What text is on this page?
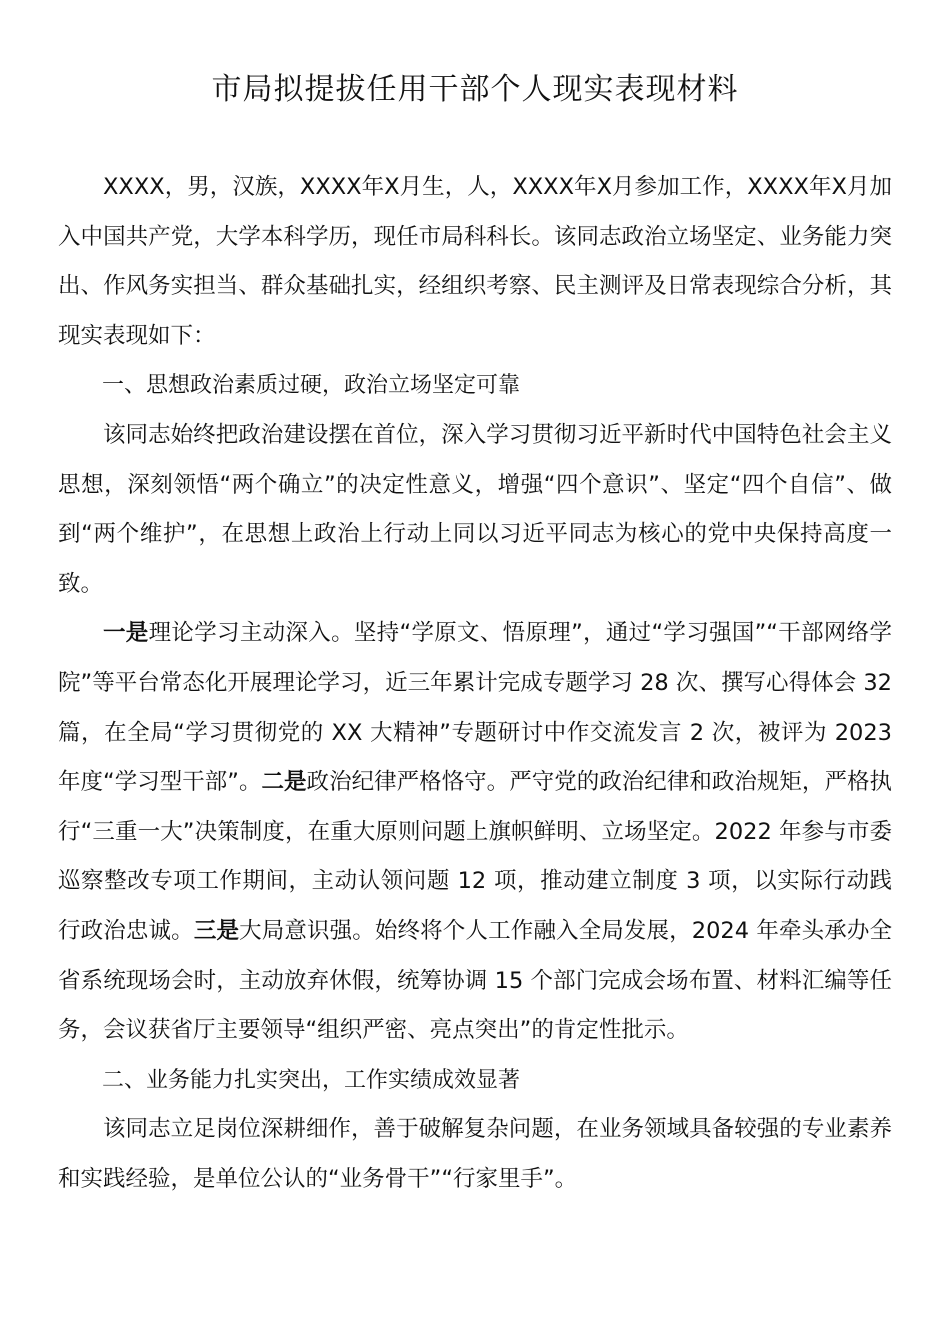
市局拟提拔任用干部个人现实表现材料

XXXX，男，汉族，XXXX年X月生，人，XXXX年X月参加工作，XXXX年X月加入中国共产党，大学本科学历，现任市局科科长。该同志政治立场坚定、业务能力突出、作风务实担当、群众基础扎实，经组织考察、民主测评及日常表现综合分析，其现实表现如下：

一、思想政治素质过硬，政治立场坚定可靠

该同志始终把政治建设摆在首位，深入学习贯彻习近平新时代中国特色社会主义思想，深刻领悟“两个确立”的决定性意义，增强“四个意识”、坚定“四个自信”、做到“两个维护”，在思想上政治上行动上同以习近平同志为核心的党中央保持高度一致。

一是理论学习主动深入。坚持“学原文、悟原理”，通过“学习强国”“干部网络学院”等平台常态化开展理论学习，近三年累计完成专题学习 28 次、撰写心得体会 32 篇，在全局“学习贯彻党的 XX 大精神”专题研讨中作交流发言 2 次，被评为 2023 年度“学习型干部”。二是政治纪律严格恪守。严守党的政治纪律和政治规矩，严格执行“三重一大”决策制度，在重大原则问题上旗帜鲜明、立场坚定。2022 年参与市委巡察整改专项工作期间，主动认领问题 12 项，推动建立制度 3 项，以实际行动践行政治忠诚。三是大局意识强。始终将个人工作融入全局发展，2024 年牵头承办全省系统现场会时，主动放弃休假，统筹协调 15 个部门完成会场布置、材料汇编等任务，会议获省厅主要领导“组织严密、亮点突出”的肯定性批示。

二、业务能力扎实突出，工作实绩成效显著

该同志立足岗位深耕细作，善于破解复杂问题，在业务领域具备较强的专业素养和实践经验，是单位公认的“业务骨干”“行家里手”。
